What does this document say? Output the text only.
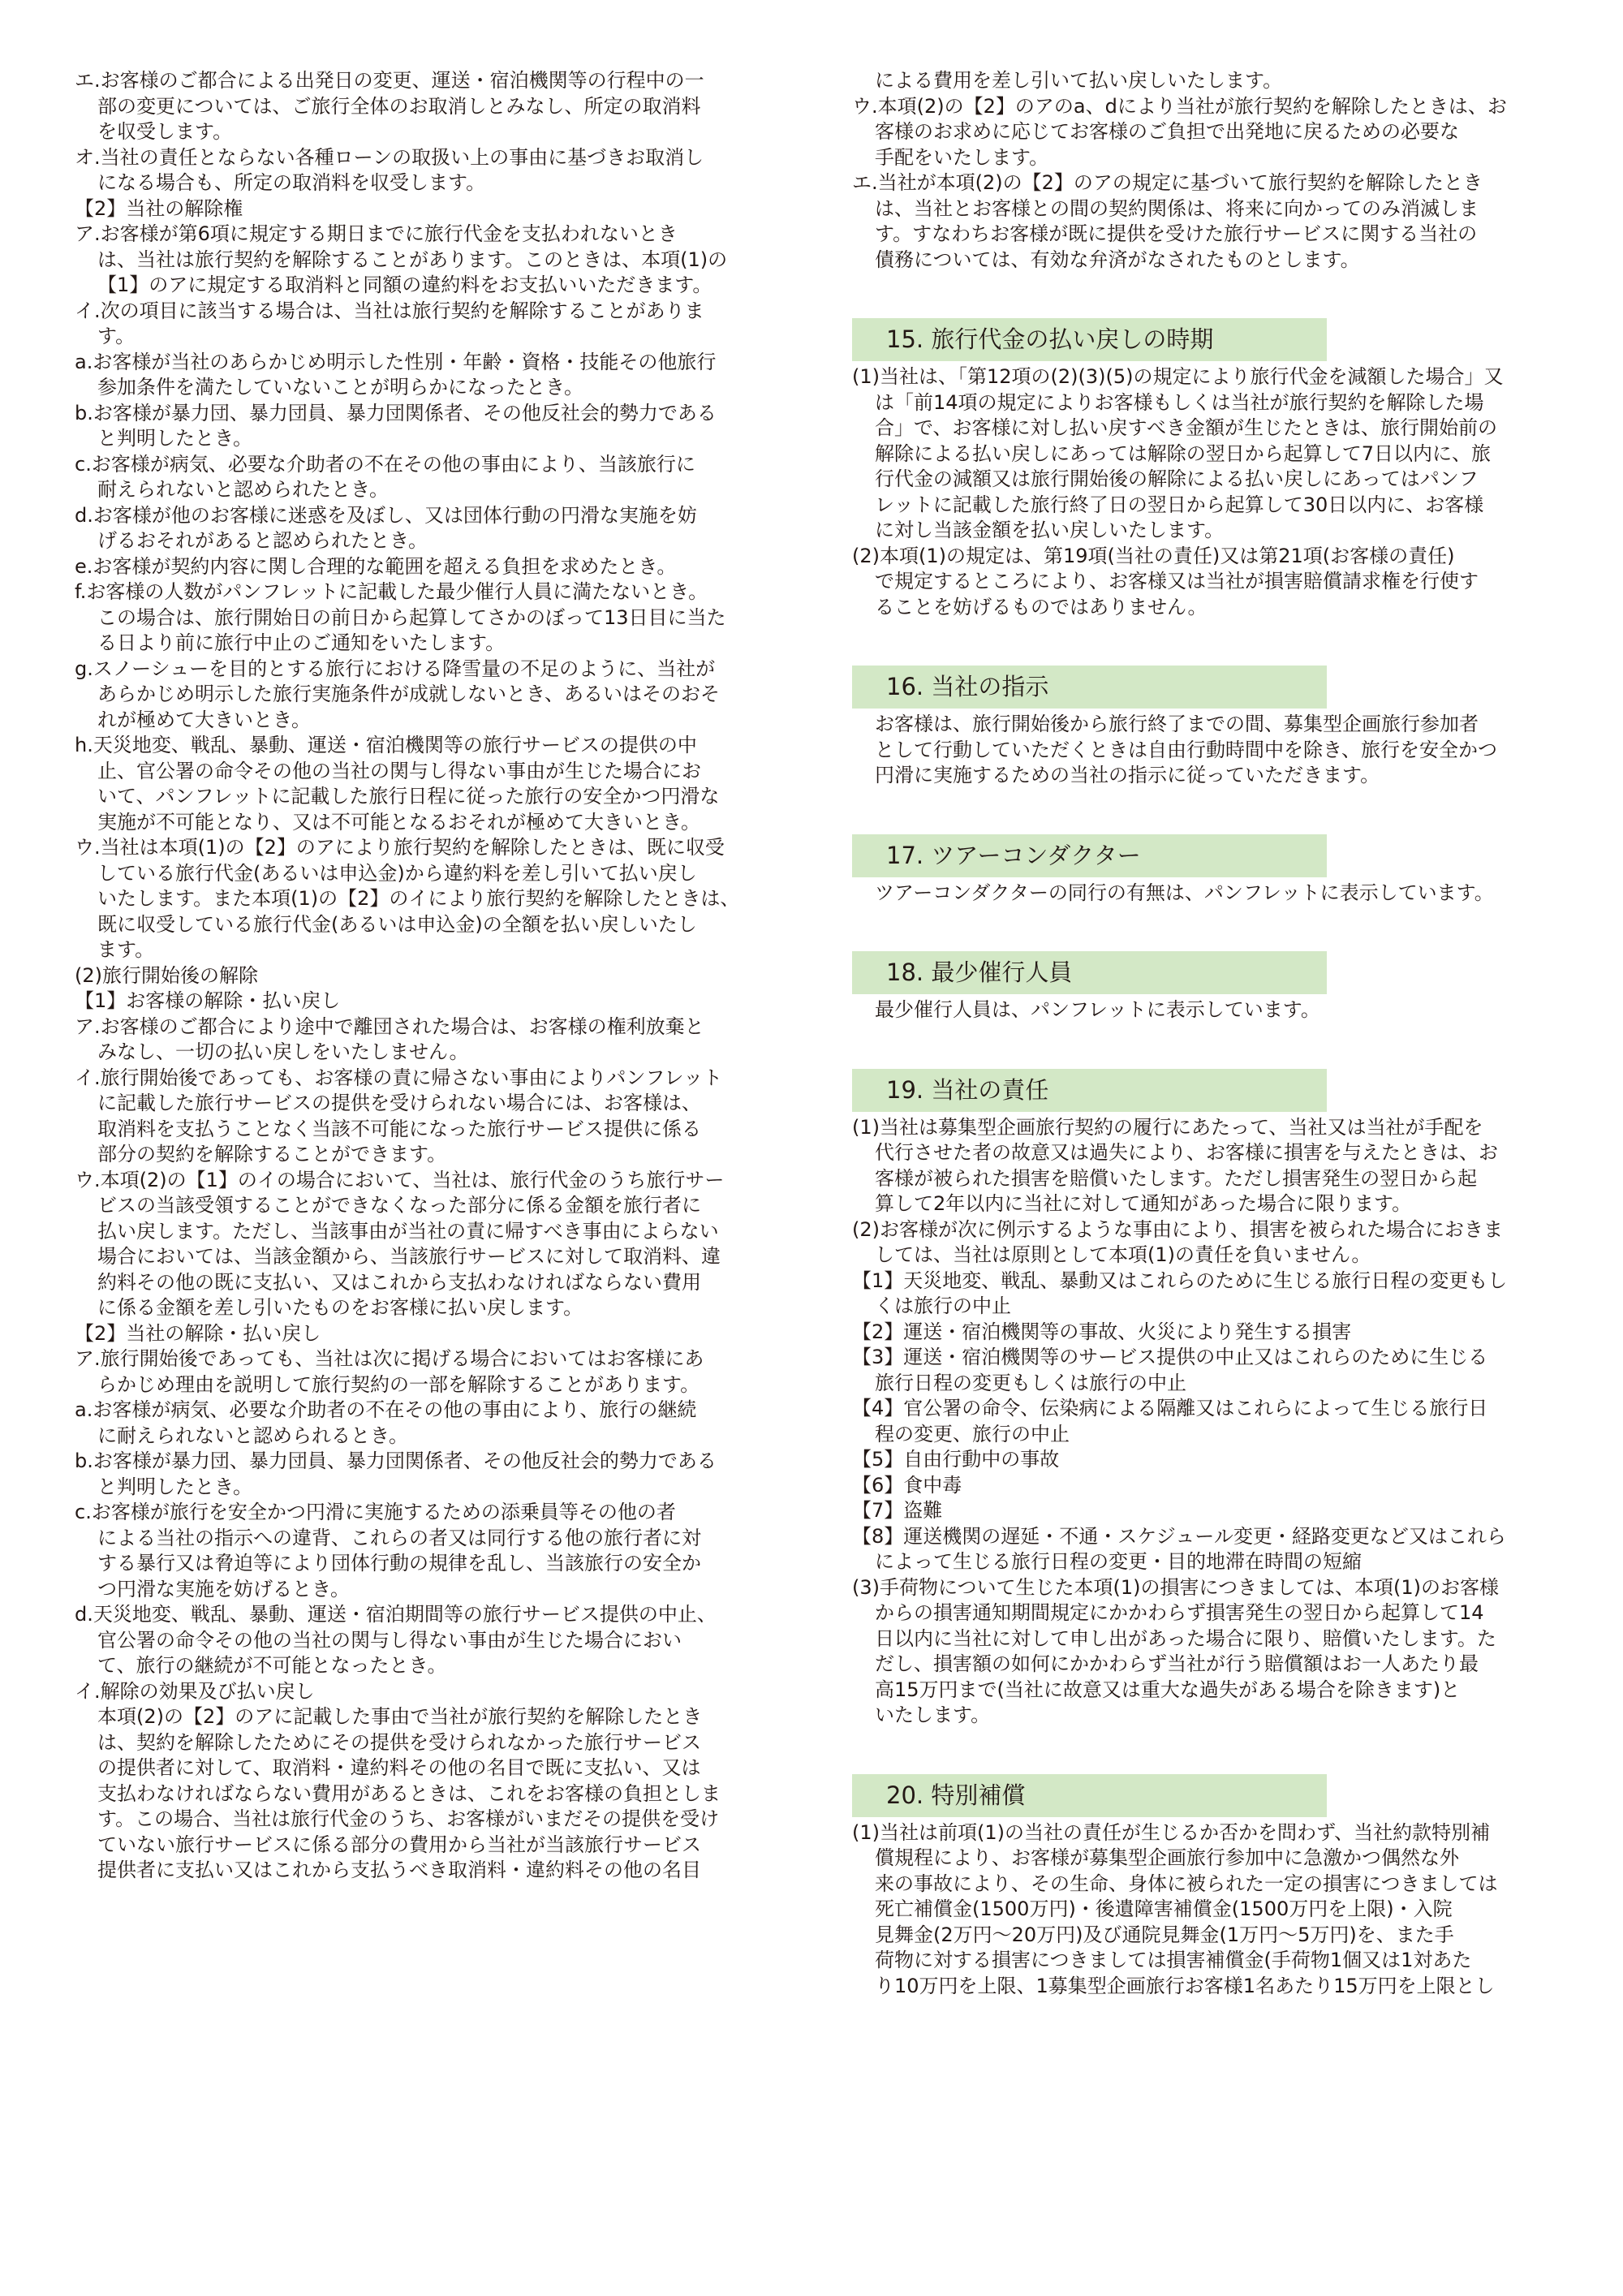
エ.お客様のご都合による出発日の変更、運送・宿泊機関等の行程中の一
部の変更については、ご旅行全体のお取消しとみなし、所定の取消料
を収受します。
オ.当社の責任とならない各種ローンの取扱い上の事由に基づきお取消し
になる場合も、所定の取消料を収受します。
【2】当社の解除権
ア.お客様が第6項に規定する期日までに旅行代金を支払われないとき
は、当社は旅行契約を解除することがあります。このときは、本項(1)の
【1】のアに規定する取消料と同額の違約料をお支払いいただきます。
イ.次の項目に該当する場合は、当社は旅行契約を解除することがありま
す。
a.お客様が当社のあらかじめ明示した性別・年齢・資格・技能その他旅行
参加条件を満たしていないことが明らかになったとき。
b.お客様が暴力団、暴力団員、暴力団関係者、その他反社会的勢力である
と判明したとき。
c.お客様が病気、必要な介助者の不在その他の事由により、当該旅行に
耐えられないと認められたとき。
d.お客様が他のお客様に迷惑を及ぼし、又は団体行動の円滑な実施を妨
げるおそれがあると認められたとき。
e.お客様が契約内容に関し合理的な範囲を超える負担を求めたとき。
f.お客様の人数がパンフレットに記載した最少催行人員に満たないとき。
この場合は、旅行開始日の前日から起算してさかのぼって13日目に当た
る日より前に旅行中止のご通知をいたします。
g.スノーシューを目的とする旅行における降雪量の不足のように、当社が
あらかじめ明示した旅行実施条件が成就しないとき、あるいはそのおそ
れが極めて大きいとき。
h.天災地変、戦乱、暴動、運送・宿泊機関等の旅行サービスの提供の中
止、官公署の命令その他の当社の関与し得ない事由が生じた場合にお
いて、パンフレットに記載した旅行日程に従った旅行の安全かつ円滑な
実施が不可能となり、又は不可能となるおそれが極めて大きいとき。
ウ.当社は本項(1)の【2】のアにより旅行契約を解除したときは、既に収受
している旅行代金(あるいは申込金)から違約料を差し引いて払い戻し
いたします。また本項(1)の【2】のイにより旅行契約を解除したときは、
既に収受している旅行代金(あるいは申込金)の全額を払い戻しいたし
ます。
(2)旅行開始後の解除
【1】お客様の解除・払い戻し
ア.お客様のご都合により途中で離団された場合は、お客様の権利放棄と
みなし、一切の払い戻しをいたしません。
イ.旅行開始後であっても、お客様の責に帰さない事由によりパンフレット
に記載した旅行サービスの提供を受けられない場合には、お客様は、
取消料を支払うことなく当該不可能になった旅行サービス提供に係る
部分の契約を解除することができます。
ウ.本項(2)の【1】のイの場合において、当社は、旅行代金のうち旅行サー
ビスの当該受領することができなくなった部分に係る金額を旅行者に
払い戻します。ただし、当該事由が当社の責に帰すべき事由によらない
場合においては、当該金額から、当該旅行サービスに対して取消料、違
約料その他の既に支払い、又はこれから支払わなければならない費用
に係る金額を差し引いたものをお客様に払い戻します。
【2】当社の解除・払い戻し
ア.旅行開始後であっても、当社は次に掲げる場合においてはお客様にあ
らかじめ理由を説明して旅行契約の一部を解除することがあります。
a.お客様が病気、必要な介助者の不在その他の事由により、旅行の継続
に耐えられないと認められるとき。
b.お客様が暴力団、暴力団員、暴力団関係者、その他反社会的勢力である
と判明したとき。
c.お客様が旅行を安全かつ円滑に実施するための添乗員等その他の者
による当社の指示への違背、これらの者又は同行する他の旅行者に対
する暴行又は脅迫等により団体行動の規律を乱し、当該旅行の安全か
つ円滑な実施を妨げるとき。
d.天災地変、戦乱、暴動、運送・宿泊期間等の旅行サービス提供の中止、
官公署の命令その他の当社の関与し得ない事由が生じた場合におい
て、旅行の継続が不可能となったとき。
イ.解除の効果及び払い戻し
本項(2)の【2】のアに記載した事由で当社が旅行契約を解除したとき
は、契約を解除したためにその提供を受けられなかった旅行サービス
の提供者に対して、取消料・違約料その他の名目で既に支払い、又は
支払わなければならない費用があるときは、これをお客様の負担としま
す。この場合、当社は旅行代金のうち、お客様がいまだその提供を受け
ていない旅行サービスに係る部分の費用から当社が当該旅行サービス
提供者に支払い又はこれから支払うべき取消料・違約料その他の名目
による費用を差し引いて払い戻しいたします。
ウ.本項(2)の【2】のアのa、dにより当社が旅行契約を解除したときは、お
客様のお求めに応じてお客様のご負担で出発地に戻るための必要な
手配をいたします。
エ.当社が本項(2)の【2】のアの規定に基づいて旅行契約を解除したとき
は、当社とお客様との間の契約関係は、将来に向かってのみ消滅しま
す。すなわちお客様が既に提供を受けた旅行サービスに関する当社の
債務については、有効な弁済がなされたものとします。
15. 旅行代金の払い戻しの時期
(1)当社は、「第12項の(2)(3)(5)の規定により旅行代金を減額した場合」又
は「前14項の規定によりお客様もしくは当社が旅行契約を解除した場
合」で、お客様に対し払い戻すべき金額が生じたときは、旅行開始前の
解除による払い戻しにあっては解除の翌日から起算して7日以内に、旅
行代金の減額又は旅行開始後の解除による払い戻しにあってはパンフ
レットに記載した旅行終了日の翌日から起算して30日以内に、お客様
に対し当該金額を払い戻しいたします。
(2)本項(1)の規定は、第19項(当社の責任)又は第21項(お客様の責任)
で規定するところにより、お客様又は当社が損害賠償請求権を行使す
ることを妨げるものではありません。
16. 当社の指示
お客様は、旅行開始後から旅行終了までの間、募集型企画旅行参加者
として行動していただくときは自由行動時間中を除き、旅行を安全かつ
円滑に実施するための当社の指示に従っていただきます。
17. ツアーコンダクター
ツアーコンダクターの同行の有無は、パンフレットに表示しています。
18. 最少催行人員
最少催行人員は、パンフレットに表示しています。
19. 当社の責任
(1)当社は募集型企画旅行契約の履行にあたって、当社又は当社が手配を
代行させた者の故意又は過失により、お客様に損害を与えたときは、お
客様が被られた損害を賠償いたします。ただし損害発生の翌日から起
算して2年以内に当社に対して通知があった場合に限ります。
(2)お客様が次に例示するような事由により、損害を被られた場合におきま
しては、当社は原則として本項(1)の責任を負いません。
【1】天災地変、戦乱、暴動又はこれらのために生じる旅行日程の変更もし
くは旅行の中止
【2】運送・宿泊機関等の事故、火災により発生する損害
【3】運送・宿泊機関等のサービス提供の中止又はこれらのために生じる
旅行日程の変更もしくは旅行の中止
【4】官公署の命令、伝染病による隔離又はこれらによって生じる旅行日
程の変更、旅行の中止
【5】自由行動中の事故
【6】食中毒
【7】盗難
【8】運送機関の遅延・不通・スケジュール変更・経路変更など又はこれら
によって生じる旅行日程の変更・目的地滞在時間の短縮
(3)手荷物について生じた本項(1)の損害につきましては、本項(1)のお客様
からの損害通知期間規定にかかわらず損害発生の翌日から起算して14
日以内に当社に対して申し出があった場合に限り、賠償いたします。た
だし、損害額の如何にかかわらず当社が行う賠償額はお一人あたり最
高15万円まで(当社に故意又は重大な過失がある場合を除きます)と
いたします。
20. 特別補償
(1)当社は前項(1)の当社の責任が生じるか否かを問わず、当社約款特別補
償規程により、お客様が募集型企画旅行参加中に急激かつ偶然な外
来の事故により、その生命、身体に被られた一定の損害につきましては
死亡補償金(1500万円)・後遺障害補償金(1500万円を上限)・入院
見舞金(2万円〜20万円)及び通院見舞金(1万円〜5万円)を、また手
荷物に対する損害につきましては損害補償金(手荷物1個又は1対あた
り10万円を上限、1募集型企画旅行お客様1名あたり15万円を上限とし
